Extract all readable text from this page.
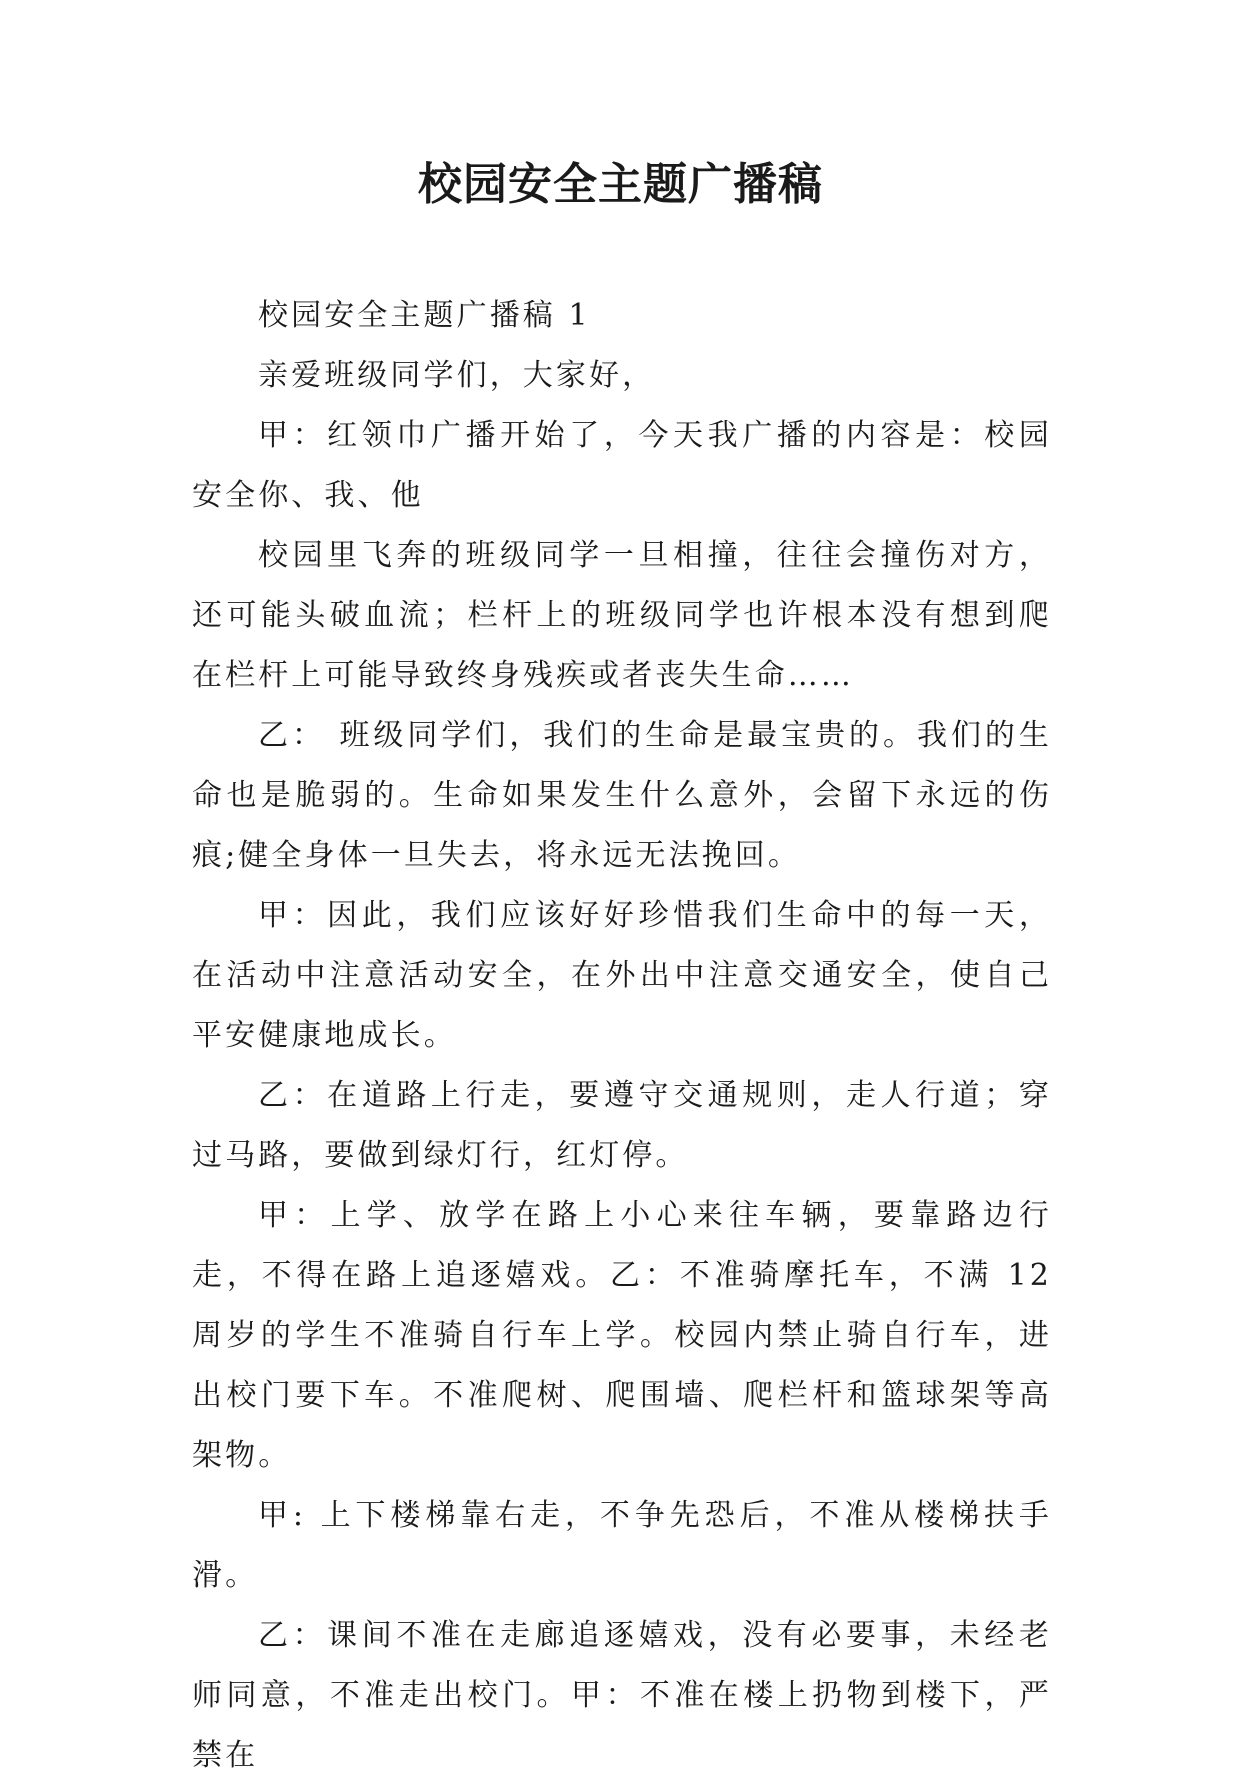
校园安全主题广播稿

校园安全主题广播稿 1

亲爱班级同学们，大家好，

甲：红领巾广播开始了，今天我广播的内容是：校园安全你、我、他

校园里飞奔的班级同学一旦相撞，往往会撞伤对方，还可能头破血流；栏杆上的班级同学也许根本没有想到爬在栏杆上可能导致终身残疾或者丧失生命……

乙： 班级同学们，我们的生命是最宝贵的。我们的生命也是脆弱的。生命如果发生什么意外，会留下永远的伤痕;健全身体一旦失去，将永远无法挽回。

甲：因此，我们应该好好珍惜我们生命中的每一天，在活动中注意活动安全，在外出中注意交通安全，使自己平安健康地成长。

乙：在道路上行走，要遵守交通规则，走人行道；穿过马路，要做到绿灯行，红灯停。

甲：上学、放学在路上小心来往车辆，要靠路边行走，不得在路上追逐嬉戏。乙：不准骑摩托车，不满 12 周岁的学生不准骑自行车上学。校园内禁止骑自行车，进出校门要下车。不准爬树、爬围墙、爬栏杆和篮球架等高架物。

甲: 上下楼梯靠右走，不争先恐后，不准从楼梯扶手滑。

乙：课间不准在走廊追逐嬉戏，没有必要事，未经老师同意，不准走出校门。甲：不准在楼上扔物到楼下，严禁在
